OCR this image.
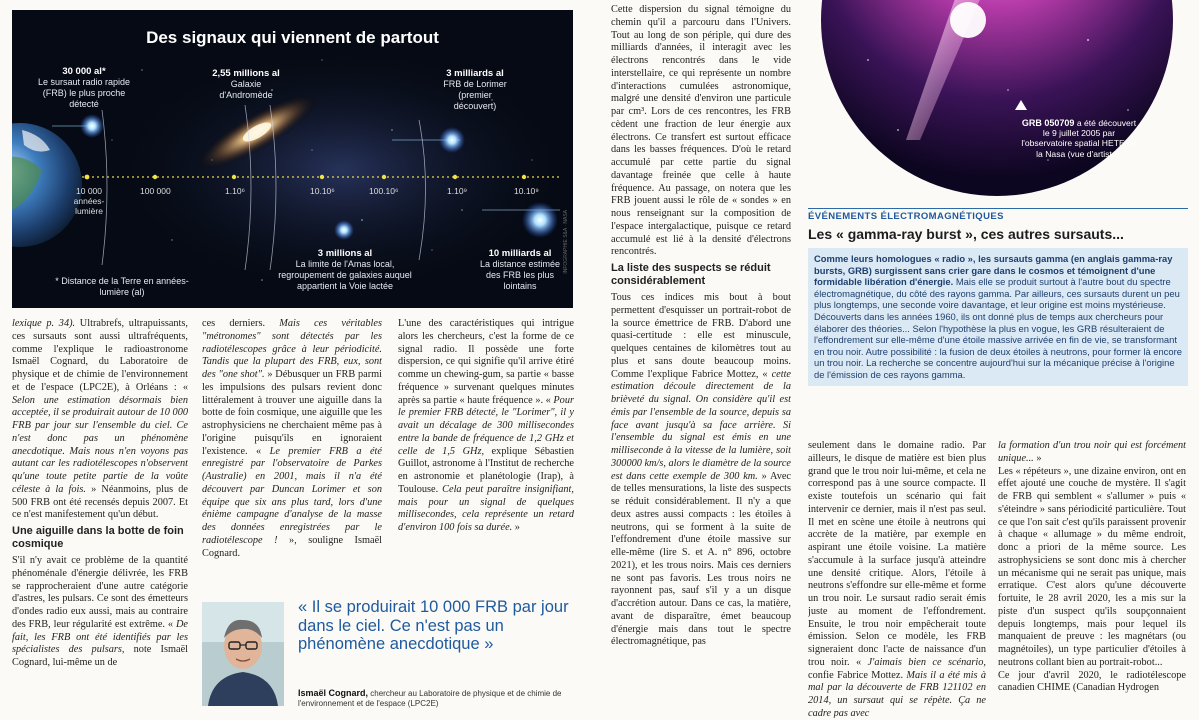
Des signaux qui viennent de partout
30 000 al*
Le sursaut radio rapide (FRB) le plus proche détecté
2,55 millions al
Galaxie d'Andromède
3 milliards al
FRB de Lorimer (premier découvert)
3 millions al
La limite de l'Amas local, regroupement de galaxies auquel appartient la Voie lactée
10 milliards al
La distance estimée des FRB les plus lointains
10 000 années-lumière
100 000	1.10⁶	10.10⁶	100.10⁶	1.10⁹	10.10⁹
* Distance de la Terre en années-lumière (al)
INFOGRAPHIE S&A · NASA

lexique p. 34). Ultrabrefs, ultrapuissants, ces sursauts sont aussi ultrafréquents, comme l'explique le radioastronome Ismaël Cognard, du Laboratoire de physique et de chimie de l'environnement et de l'espace (LPC2E), à Orléans : « Selon une estimation désormais bien acceptée, il se produirait autour de 10 000 FRB par jour sur l'ensemble du ciel. Ce n'est donc pas un phénomène anecdotique. Mais nous n'en voyons pas autant car les radiotélescopes n'observent qu'une toute petite partie de la voûte céleste à la fois. » Néanmoins, plus de 500 FRB ont été recensés depuis 2007. Et ce n'est manifestement qu'un début.

Une aiguille dans la botte de foin cosmique

S'il n'y avait ce problème de la quantité phénoménale d'énergie délivrée, les FRB se rapprocheraient d'une autre catégorie d'astres, les pulsars. Ce sont des émetteurs d'ondes radio eux aussi, mais au contraire des FRB, leur régularité est extrême. « De fait, les FRB ont été identifiés par les spécialistes des pulsars, note Ismaël Cognard, lui-même un de

ces derniers. Mais ces véritables "métronomes" sont détectés par les radiotélescopes grâce à leur périodicité. Tandis que la plupart des FRB, eux, sont des "one shot". » Débusquer un FRB parmi les impulsions des pulsars revient donc littéralement à trouver une aiguille dans la botte de foin cosmique, une aiguille que les astrophysiciens ne cherchaient même pas à l'origine puisqu'ils en ignoraient l'existence. « Le premier FRB a été enregistré par l'observatoire de Parkes (Australie) en 2001, mais il n'a été découvert par Duncan Lorimer et son équipe que six ans plus tard, lors d'une énième campagne d'analyse de la masse des données enregistrées par le radiotélescope ! », souligne Ismaël Cognard.

L'une des caractéristiques qui intrigue alors les chercheurs, c'est la forme de ce signal radio. Il possède une forte dispersion, ce qui signifie qu'il arrive étiré comme un chewing-gum, sa partie « basse fréquence » survenant quelques minutes après sa partie « haute fréquence ». « Pour le premier FRB détecté, le "Lorimer", il y avait un décalage de 300 millisecondes entre la bande de fréquence de 1,2 GHz et celle de 1,5 GHz, explique Sébastien Guillot, astronome à l'Institut de recherche en astronomie et planétologie (Irap), à Toulouse. Cela peut paraître insignifiant, mais pour un signal de quelques millisecondes, cela représente un retard d'environ 100 fois sa durée. »

« Il se produirait 10 000 FRB par jour dans le ciel. Ce n'est pas un phénomène anecdotique »
Ismaël Cognard, chercheur au Laboratoire de physique et de chimie de l'environnement et de l'espace (LPC2E)

Cette dispersion du signal témoigne du chemin qu'il a parcouru dans l'Univers. Tout au long de son périple, qui dure des milliards d'années, il interagit avec les électrons rencontrés dans le vide interstellaire, ce qui représente un nombre d'interactions cumulées astronomique, malgré une densité d'environ une particule par cm³. Lors de ces rencontres, les FRB cèdent une fraction de leur énergie aux électrons. Ce transfert est surtout efficace dans les basses fréquences. D'où le retard accumulé par cette partie du signal davantage freinée que celle à haute fréquence. Au passage, on notera que les FRB jouent aussi le rôle de « sondes » en nous renseignant sur la composition de l'espace intergalactique, puisque ce retard accumulé est lié à la densité d'électrons rencontrés.

La liste des suspects se réduit considérablement

Tous ces indices mis bout à bout permettent d'esquisser un portrait-robot de la source émettrice de FRB. D'abord une quasi-certitude : elle est minuscule, quelques centaines de kilomètres tout au plus et sans doute beaucoup moins. Comme l'explique Fabrice Mottez, « cette estimation découle directement de la brièveté du signal. On considère qu'il est émis par l'ensemble de la source, depuis sa face avant jusqu'à sa face arrière. Si l'ensemble du signal est émis en une milliseconde à la vitesse de la lumière, soit 300000 km/s, alors le diamètre de la source est dans cette exemple de 300 km. » Avec de telles mensurations, la liste des suspects se réduit considérablement. Il n'y a que deux astres aussi compacts : les étoiles à neutrons, qui se forment à la suite de l'effondrement d'une étoile massive sur elle-même (lire S. et A. n° 896, octobre 2021), et les trous noirs. Mais ces derniers ne sont pas favoris. Les trous noirs ne rayonnent pas, sauf s'il y a un disque d'accrétion autour. Dans ce cas, la matière, avant de disparaître, émet beaucoup d'énergie mais dans tout le spectre électromagnétique, pas

GRB 050709 a été découvert le 9 juillet 2005 par l'observatoire spatial HETE de la Nasa (vue d'artiste).
ÉVÉNEMENTS ÉLECTROMAGNÉTIQUES
Les « gamma-ray burst », ces autres sursauts...
Comme leurs homologues « radio », les sursauts gamma (en anglais gamma-ray bursts, GRB) surgissent sans crier gare dans le cosmos et témoignent d'une formidable libération d'énergie. Mais elle se produit surtout à l'autre bout du spectre électromagnétique, du côté des rayons gamma. Par ailleurs, ces sursauts durent un peu plus longtemps, une seconde voire davantage, et leur origine est moins mystérieuse. Découverts dans les années 1960, ils ont donné plus de temps aux chercheurs pour élaborer des théories... Selon l'hypothèse la plus en vogue, les GRB résulteraient de l'effondrement sur elle-même d'une étoile massive arrivée en fin de vie, se transformant en trou noir. Autre possibilité : la fusion de deux étoiles à neutrons, pour former là encore un trou noir. La recherche se concentre aujourd'hui sur la mécanique précise à l'origine de l'émission de ces rayons gamma.

seulement dans le domaine radio. Par ailleurs, le disque de matière est bien plus grand que le trou noir lui-même, et cela ne correspond pas à une source compacte. Il existe toutefois un scénario qui fait intervenir ce dernier, mais il n'est pas seul. Il met en scène une étoile à neutrons qui accrète de la matière, par exemple en aspirant une étoile voisine. La matière s'accumule à la surface jusqu'à atteindre une densité critique. Alors, l'étoile à neutrons s'effondre sur elle-même et forme un trou noir. Le sursaut radio serait émis juste au moment de l'effondrement. Ensuite, le trou noir empêcherait toute émission. Selon ce modèle, les FRB signeraient donc l'acte de naissance d'un trou noir. « J'aimais bien ce scénario, confie Fabrice Mottez. Mais il a été mis à mal par la découverte de FRB 121102 en 2014, un sursaut qui se répète. Ça ne cadre pas avec

la formation d'un trou noir qui est forcément unique... »

Les « répéteurs », une dizaine environ, ont en effet ajouté une couche de mystère. Il s'agit de FRB qui semblent « s'allumer » puis « s'éteindre » sans périodicité particulière. Tout ce que l'on sait c'est qu'ils paraissent provenir à chaque « allumage » du même endroit, donc a priori de la même source. Les astrophysiciens se sont donc mis à chercher un mécanisme qui ne serait pas unique, mais erratique. C'est alors qu'une découverte fortuite, le 28 avril 2020, les a mis sur la piste d'un suspect qu'ils soupçonnaient depuis longtemps, mais pour lequel ils manquaient de preuve : les magnétars (ou magnétoiles), un type particulier d'étoiles à neutrons collant bien au portrait-robot...

Ce jour d'avril 2020, le radiotélescope canadien CHIME (Canadian Hydrogen
